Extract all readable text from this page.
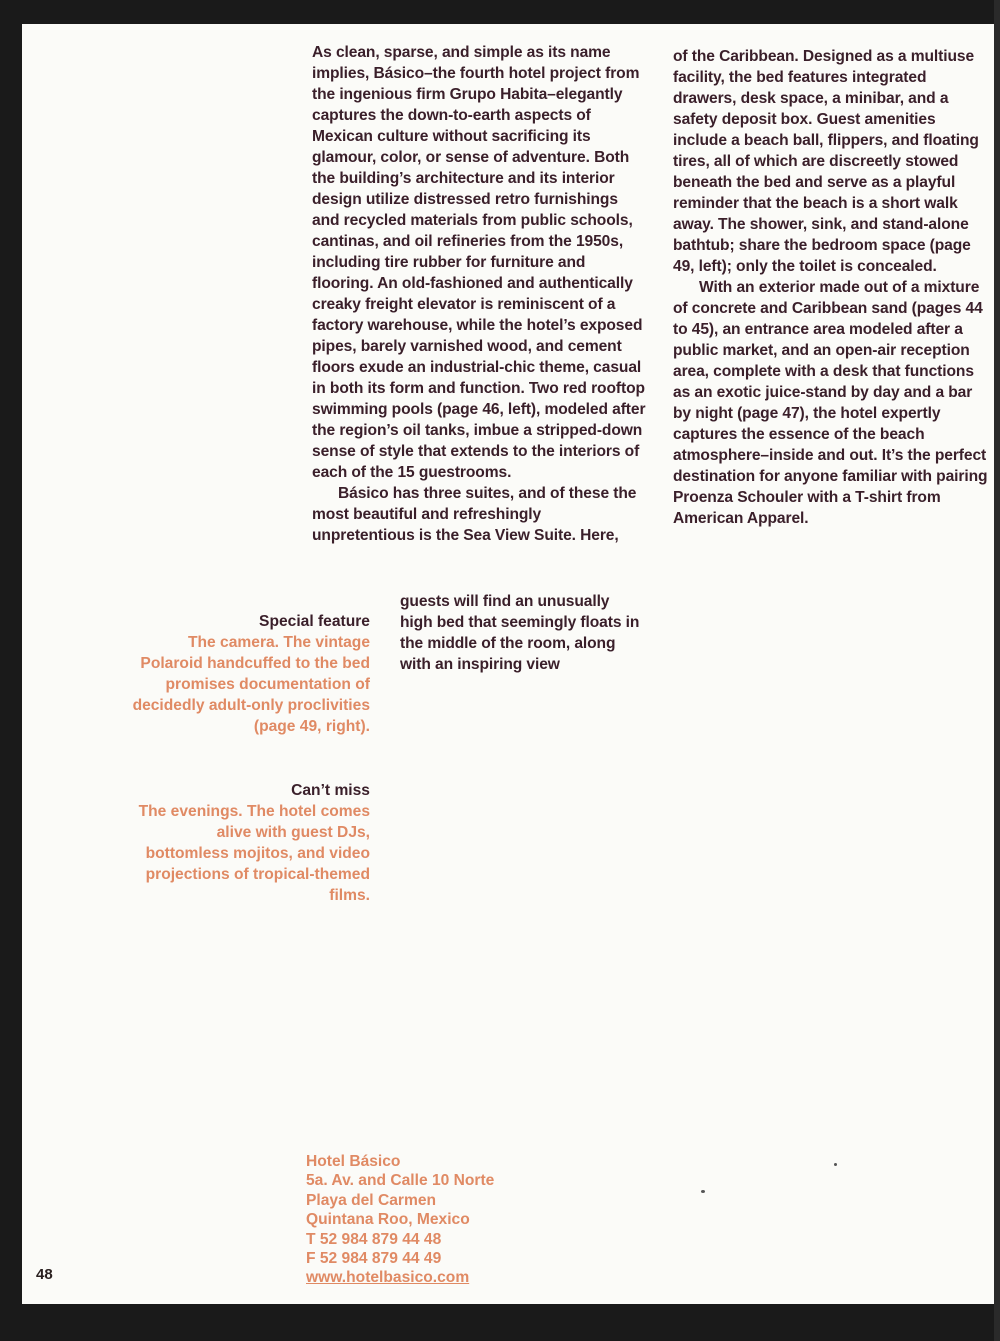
As clean, sparse, and simple as its name implies, Básico–the fourth hotel project from the ingenious firm Grupo Habita–elegantly captures the down-to-earth aspects of Mexican culture without sacrificing its glamour, color, or sense of adventure. Both the building’s architecture and its interior design utilize distressed retro furnishings and recycled materials from public schools, cantinas, and oil refineries from the 1950s, including tire rubber for furniture and flooring. An old-fashioned and authentically creaky freight elevator is reminiscent of a factory warehouse, while the hotel’s exposed pipes, barely varnished wood, and cement floors exude an industrial-chic theme, casual in both its form and function. Two red rooftop swimming pools (page 46, left), modeled after the region’s oil tanks, imbue a stripped-down sense of style that extends to the interiors of each of the 15 guestrooms.

Básico has three suites, and of these the most beautiful and refreshingly unpretentious is the Sea View Suite. Here,

guests will find an unusually high bed that seemingly floats in the middle of the room, along with an inspiring view

of the Caribbean. Designed as a multiuse facility, the bed features integrated drawers, desk space, a minibar, and a safety deposit box. Guest amenities include a beach ball, flippers, and floating tires, all of which are discreetly stowed beneath the bed and serve as a playful reminder that the beach is a short walk away. The shower, sink, and stand-alone bathtub; share the bedroom space (page 49, left); only the toilet is concealed.

With an exterior made out of a mixture of concrete and Caribbean sand (pages 44 to 45), an entrance area modeled after a public market, and an open-air reception area, complete with a desk that functions as an exotic juice-stand by day and a bar by night (page 47), the hotel expertly captures the essence of the beach atmosphere–inside and out. It’s the perfect destination for anyone familiar with pairing Proenza Schouler with a T-shirt from American Apparel.

Special feature
The camera. The vintage Polaroid handcuffed to the bed promises documentation of decidedly adult-only proclivities (page 49, right).
Can’t miss
The evenings. The hotel comes alive with guest DJs, bottomless mojitos, and video projections of tropical-themed films.
Hotel Básico
5a. Av. and Calle 10 Norte
Playa del Carmen
Quintana Roo, Mexico
T 52 984 879 44 48
F 52 984 879 44 49
www.hotelbasico.com
48
